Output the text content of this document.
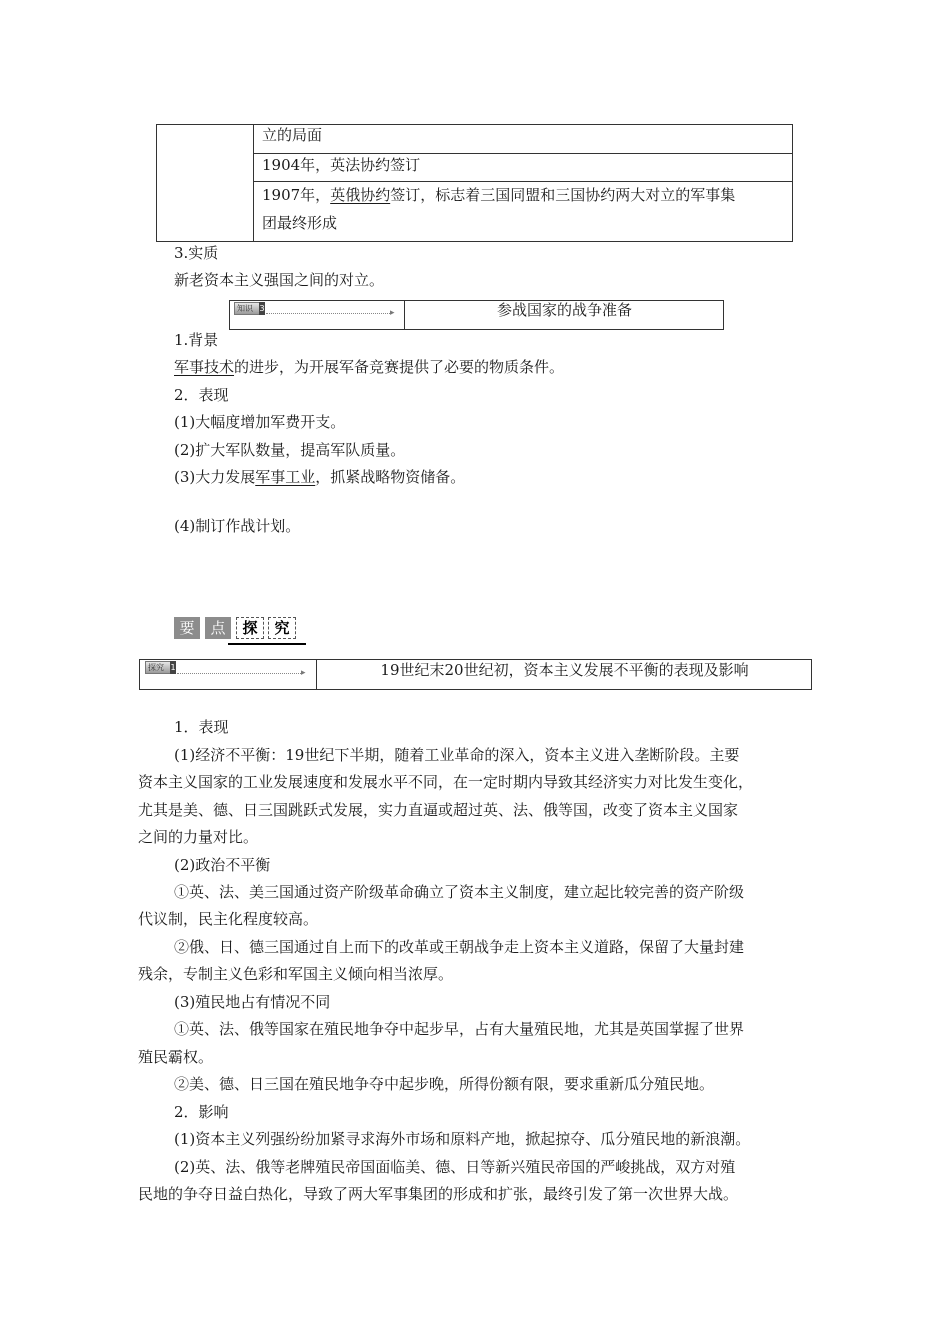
立的局面
1904年，英法协约签订
1907年，英俄协约签订，标志着三国同盟和三国协约两大对立的军事集
团最终形成
3.实质
新老资本主义强国之间的对立。
知识 3	▸	参战国家的战争准备
1.背景
军事技术的进步，为开展军备竞赛提供了必要的物质条件。
2．表现
(1)大幅度增加军费开支。
(2)扩大军队数量，提高军队质量。
(3)大力发展军事工业，抓紧战略物资储备。
(4)制订作战计划。
要	点	探	究
探究 1
▸	19世纪末20世纪初，资本主义发展不平衡的表现及影响
1．表现
(1)经济不平衡：19世纪下半期，随着工业革命的深入，资本主义进入垄断阶段。主要
资本主义国家的工业发展速度和发展水平不同，在一定时期内导致其经济实力对比发生变化，
尤其是美、德、日三国跳跃式发展，实力直逼或超过英、法、俄等国，改变了资本主义国家
之间的力量对比。
(2)政治不平衡
①英、法、美三国通过资产阶级革命确立了资本主义制度，建立起比较完善的资产阶级
代议制，民主化程度较高。
②俄、日、德三国通过自上而下的改革或王朝战争走上资本主义道路，保留了大量封建
残余，专制主义色彩和军国主义倾向相当浓厚。
(3)殖民地占有情况不同
①英、法、俄等国家在殖民地争夺中起步早，占有大量殖民地，尤其是英国掌握了世界
殖民霸权。
②美、德、日三国在殖民地争夺中起步晚，所得份额有限，要求重新瓜分殖民地。
2．影响
(1)资本主义列强纷纷加紧寻求海外市场和原料产地，掀起掠夺、瓜分殖民地的新浪潮。
(2)英、法、俄等老牌殖民帝国面临美、德、日等新兴殖民帝国的严峻挑战，双方对殖
民地的争夺日益白热化，导致了两大军事集团的形成和扩张，最终引发了第一次世界大战。
